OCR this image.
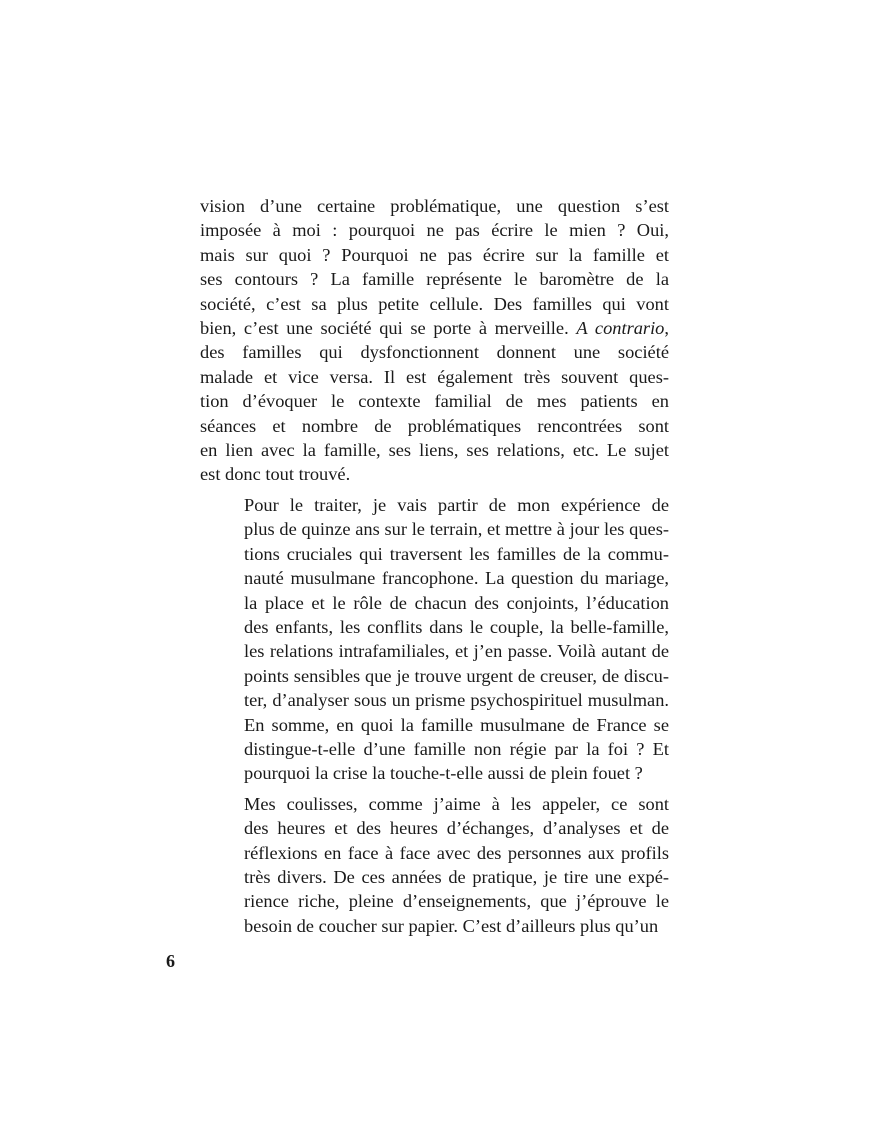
vision d’une certaine problématique, une question s’est
imposée à moi : pourquoi ne pas écrire le mien ? Oui,
mais sur quoi ? Pourquoi ne pas écrire sur la famille et
ses contours ? La famille représente le baromètre de la
société, c’est sa plus petite cellule. Des familles qui vont
bien, c’est une société qui se porte à merveille. A contrario,
des familles qui dysfonctionnent donnent une société
malade et vice versa. Il est également très souvent ques-
tion d’évoquer le contexte familial de mes patients en
séances et nombre de problématiques rencontrées sont
en lien avec la famille, ses liens, ses relations, etc. Le sujet
est donc tout trouvé.
Pour le traiter, je vais partir de mon expérience de
plus de quinze ans sur le terrain, et mettre à jour les ques-
tions cruciales qui traversent les familles de la commu-
nauté musulmane francophone. La question du mariage,
la place et le rôle de chacun des conjoints, l’éducation
des enfants, les conflits dans le couple, la belle-famille,
les relations intrafamiliales, et j’en passe. Voilà autant de
points sensibles que je trouve urgent de creuser, de discu-
ter, d’analyser sous un prisme psychospirituel musulman.
En somme, en quoi la famille musulmane de France se
distingue-t-elle d’une famille non régie par la foi ? Et
pourquoi la crise la touche-t-elle aussi de plein fouet ?
Mes coulisses, comme j’aime à les appeler, ce sont
des heures et des heures d’échanges, d’analyses et de
réflexions en face à face avec des personnes aux profils
très divers. De ces années de pratique, je tire une expé-
rience riche, pleine d’enseignements, que j’éprouve le
besoin de coucher sur papier. C’est d’ailleurs plus qu’un
6
